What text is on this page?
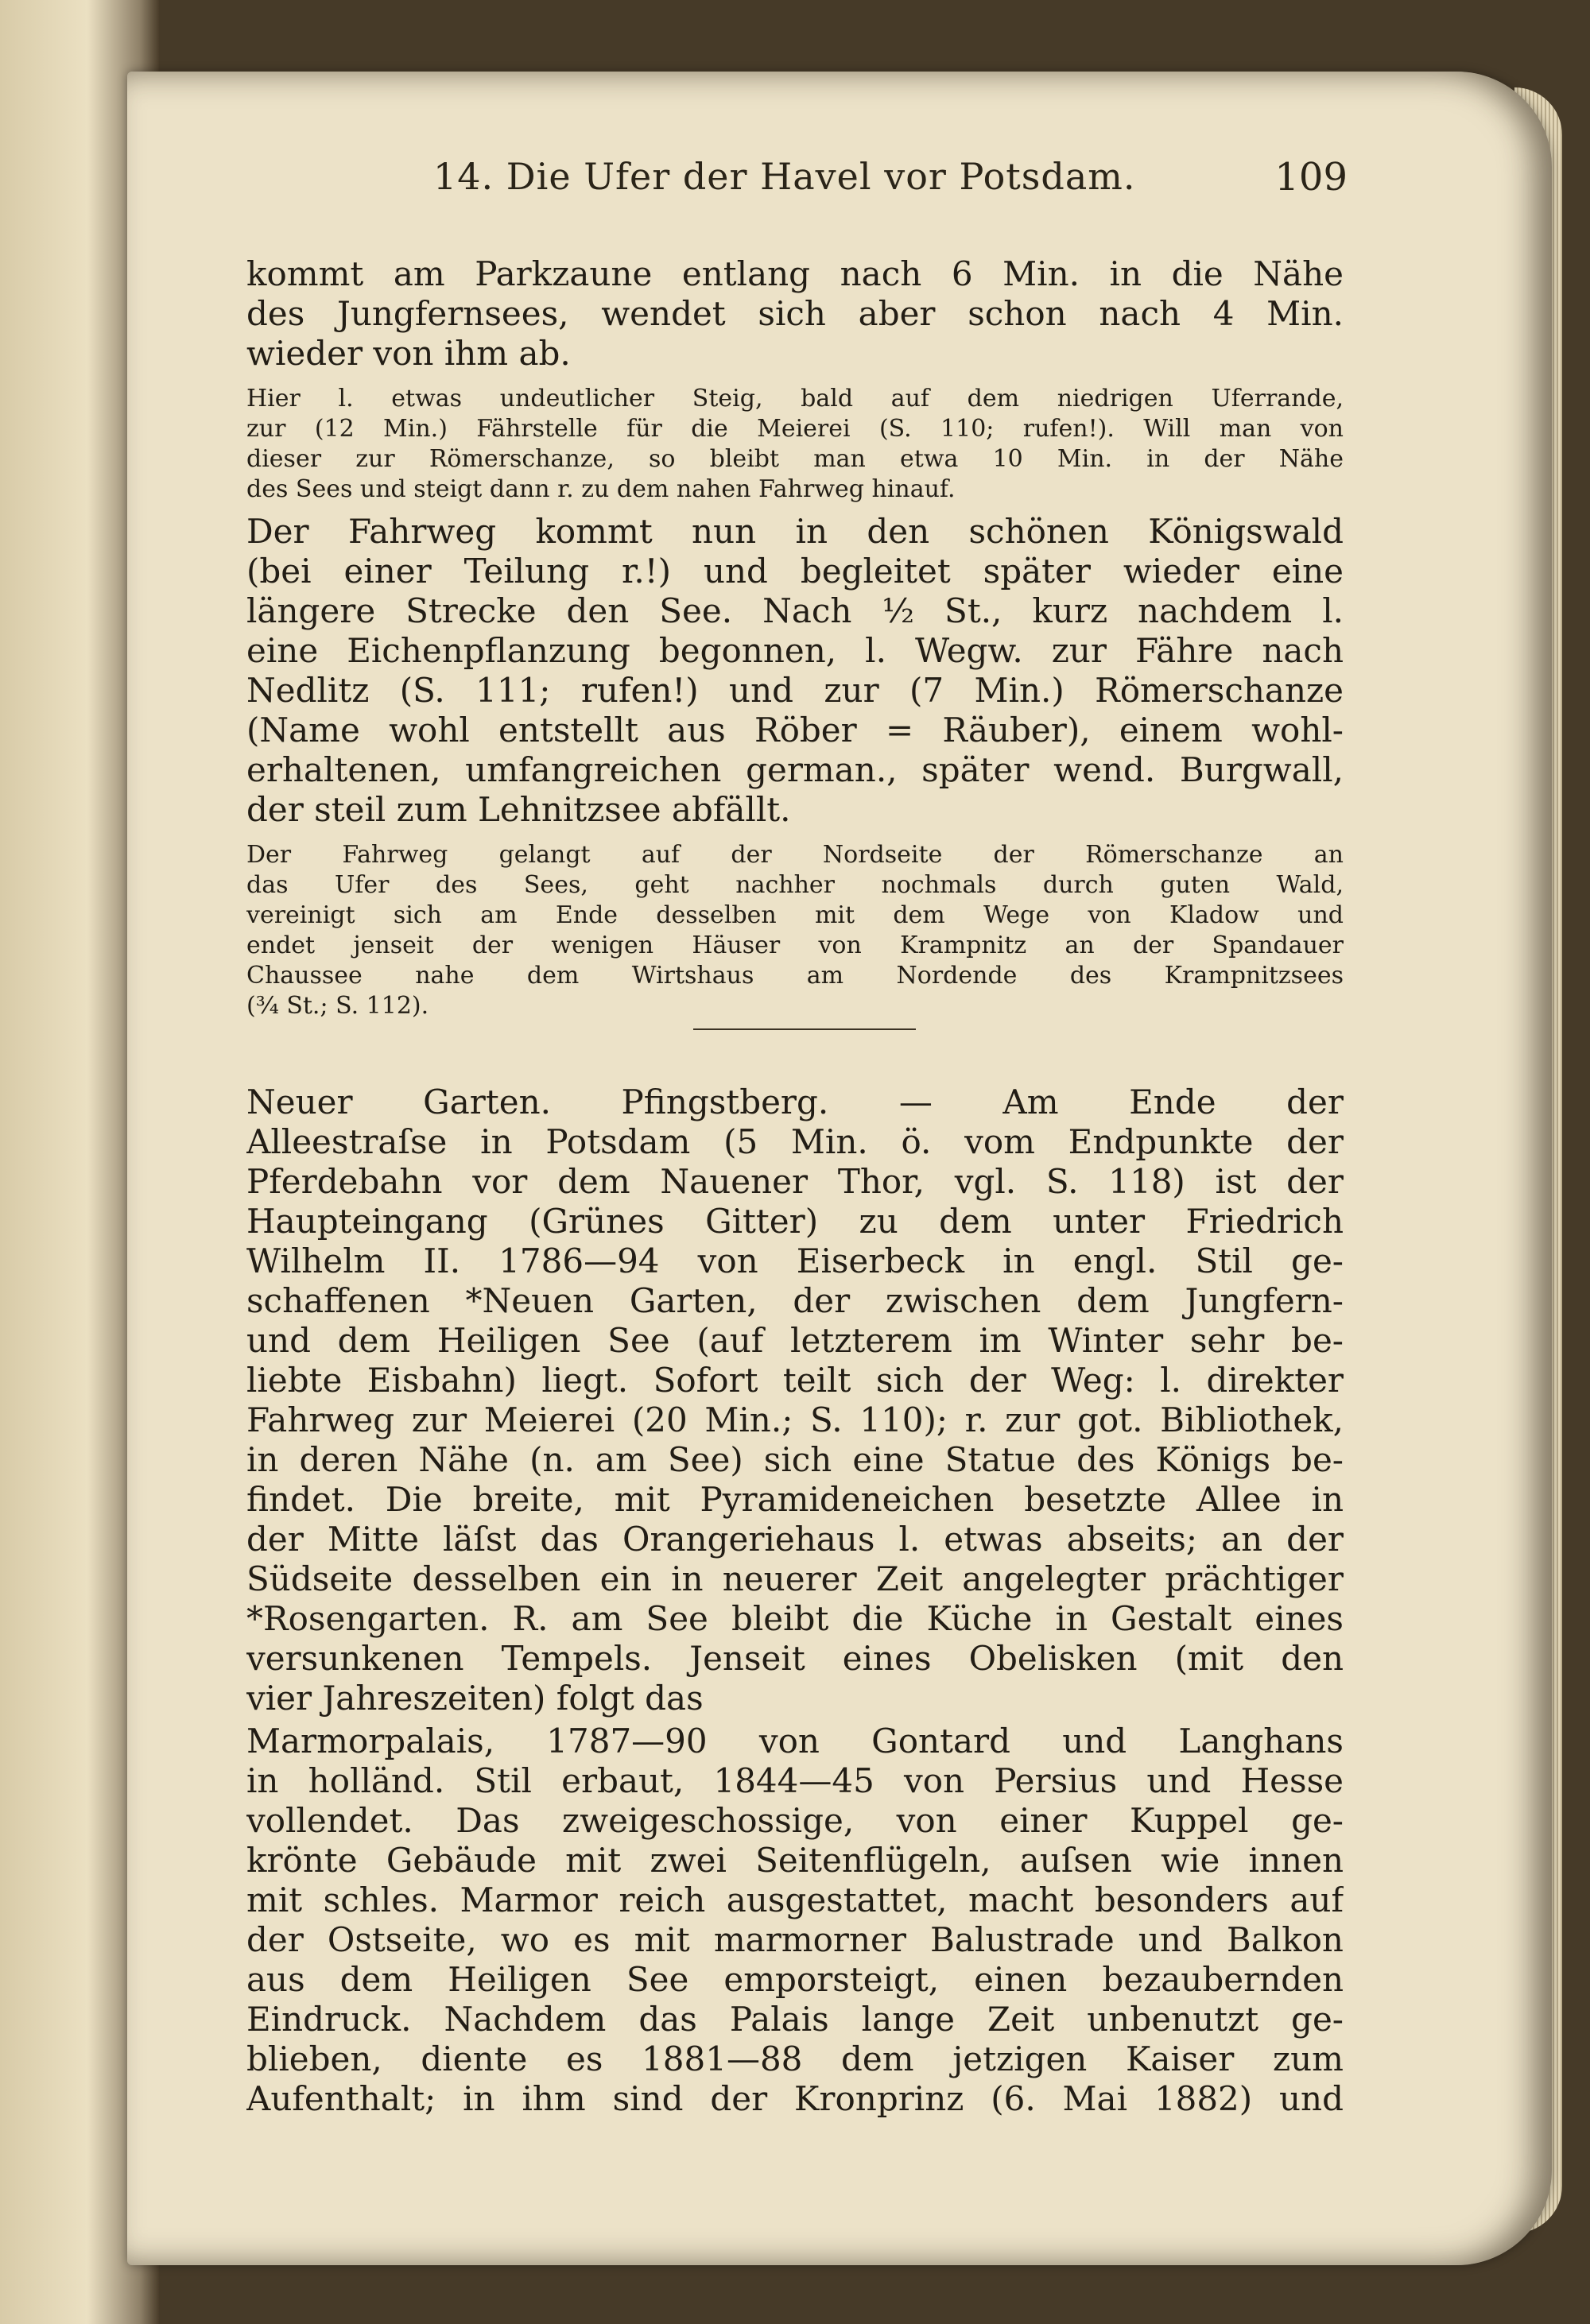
14. Die Ufer der Havel vor Potsdam.	109
kommt am Parkzaune entlang nach 6 Min. in die Nähe
des Jungfernsees, wendet sich aber schon nach 4 Min.
wieder von ihm ab.
Hier l. etwas undeutlicher Steig, bald auf dem niedrigen Uferrande,
zur (12 Min.) Fährstelle für die Meierei (S. 110; rufen!). Will man von
dieser zur Römerschanze, so bleibt man etwa 10 Min. in der Nähe
des Sees und steigt dann r. zu dem nahen Fahrweg hinauf.
Der Fahrweg kommt nun in den schönen Königswald
(bei einer Teilung r.!) und begleitet später wieder eine
längere Strecke den See. Nach ½ St., kurz nachdem l.
eine Eichenpflanzung begonnen, l. Wegw. zur Fähre nach
Nedlitz (S. 111; rufen!) und zur (7 Min.) Römerschanze
(Name wohl entstellt aus Röber = Räuber), einem wohl-
erhaltenen, umfangreichen german., später wend. Burgwall,
der steil zum Lehnitzsee abfällt.
Der Fahrweg gelangt auf der Nordseite der Römerschanze an
das Ufer des Sees, geht nachher nochmals durch guten Wald,
vereinigt sich am Ende desselben mit dem Wege von Kladow und
endet jenseit der wenigen Häuser von Krampnitz an der Spandauer
Chaussee nahe dem Wirtshaus am Nordende des Krampnitzsees
(¾ St.; S. 112).
Neuer Garten. Pfingstberg. — Am Ende der
Alleestraſse in Potsdam (5 Min. ö. vom Endpunkte der
Pferdebahn vor dem Nauener Thor, vgl. S. 118) ist der
Haupteingang (Grünes Gitter) zu dem unter Friedrich
Wilhelm II. 1786—94 von Eiserbeck in engl. Stil ge-
schaffenen *Neuen Garten, der zwischen dem Jungfern-
und dem Heiligen See (auf letzterem im Winter sehr be-
liebte Eisbahn) liegt. Sofort teilt sich der Weg: l. direkter
Fahrweg zur Meierei (20 Min.; S. 110); r. zur got. Bibliothek,
in deren Nähe (n. am See) sich eine Statue des Königs be-
findet. Die breite, mit Pyramideneichen besetzte Allee in
der Mitte läſst das Orangeriehaus l. etwas abseits; an der
Südseite desselben ein in neuerer Zeit angelegter prächtiger
*Rosengarten. R. am See bleibt die Küche in Gestalt eines
versunkenen Tempels. Jenseit eines Obelisken (mit den
vier Jahreszeiten) folgt das
Marmorpalais, 1787—90 von Gontard und Langhans
in holländ. Stil erbaut, 1844—45 von Persius und Hesse
vollendet. Das zweigeschossige, von einer Kuppel ge-
krönte Gebäude mit zwei Seitenflügeln, auſsen wie innen
mit schles. Marmor reich ausgestattet, macht besonders auf
der Ostseite, wo es mit marmorner Balustrade und Balkon
aus dem Heiligen See emporsteigt, einen bezaubernden
Eindruck. Nachdem das Palais lange Zeit unbenutzt ge-
blieben, diente es 1881—88 dem jetzigen Kaiser zum
Aufenthalt; in ihm sind der Kronprinz (6. Mai 1882) und
